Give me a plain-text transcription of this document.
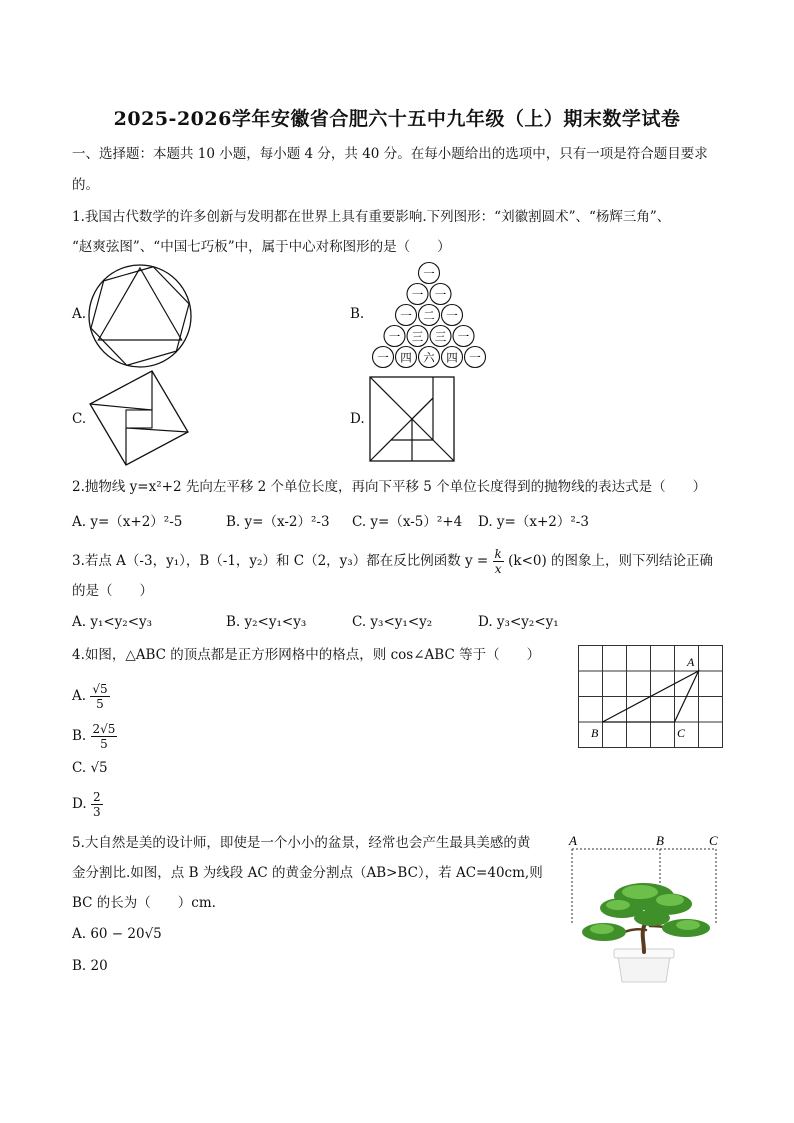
2025-2026学年安徽省合肥六十五中九年级（上）期末数学试卷
一、选择题：本题共 10 小题，每小题 4 分，共 40 分。在每小题给出的选项中，只有一项是符合题目要求
的。
1.我国古代数学的许多创新与发明都在世界上具有重要影响.下列图形：“刘徽割圆术”、“杨辉三角”、
“赵爽弦图”、“中国七巧板”中，属于中心对称图形的是（　　）
A.	B.
一
一 一
一 二 一
一 三 三 一
一 四 六 四 一
C.	D.
2.抛物线 y=x²+2 先向左平移 2 个单位长度，再向下平移 5 个单位长度得到的抛物线的表达式是（　　）
A. y=（x+2）²-5	B. y=（x-2）²-3 C. y=（x-5）²+4 D. y=（x+2）²-3
3.若点 A（-3，y₁），B（-1，y₂）和 C（2，y₃）都在反比例函数 $y = \frac{k}{x} (k<0)$ 的图象上，则下列结论正确
的是（　　）
A. y₁<y₂<y₃	B. y₂<y₁<y₃	C. y₃<y₁<y₂	D. y₃<y₂<y₁
4.如图，△ABC 的顶点都是正方形网格中的格点，则 cos∠ABC 等于（　　）
A. $\frac{√5}{5}$
B. $\frac{2√5}{5}$
C. √5
D. $\frac{2}{3}$
A
B	C
5.大自然是美的设计师，即使是一个小小的盆景，经常也会产生最具美感的黄
金分割比.如图，点 B 为线段 AC 的黄金分割点（AB>BC），若 AC=40cm,则
BC 的长为（　　）cm.
A. 60 − 20√5
B. 20
A	B	C
